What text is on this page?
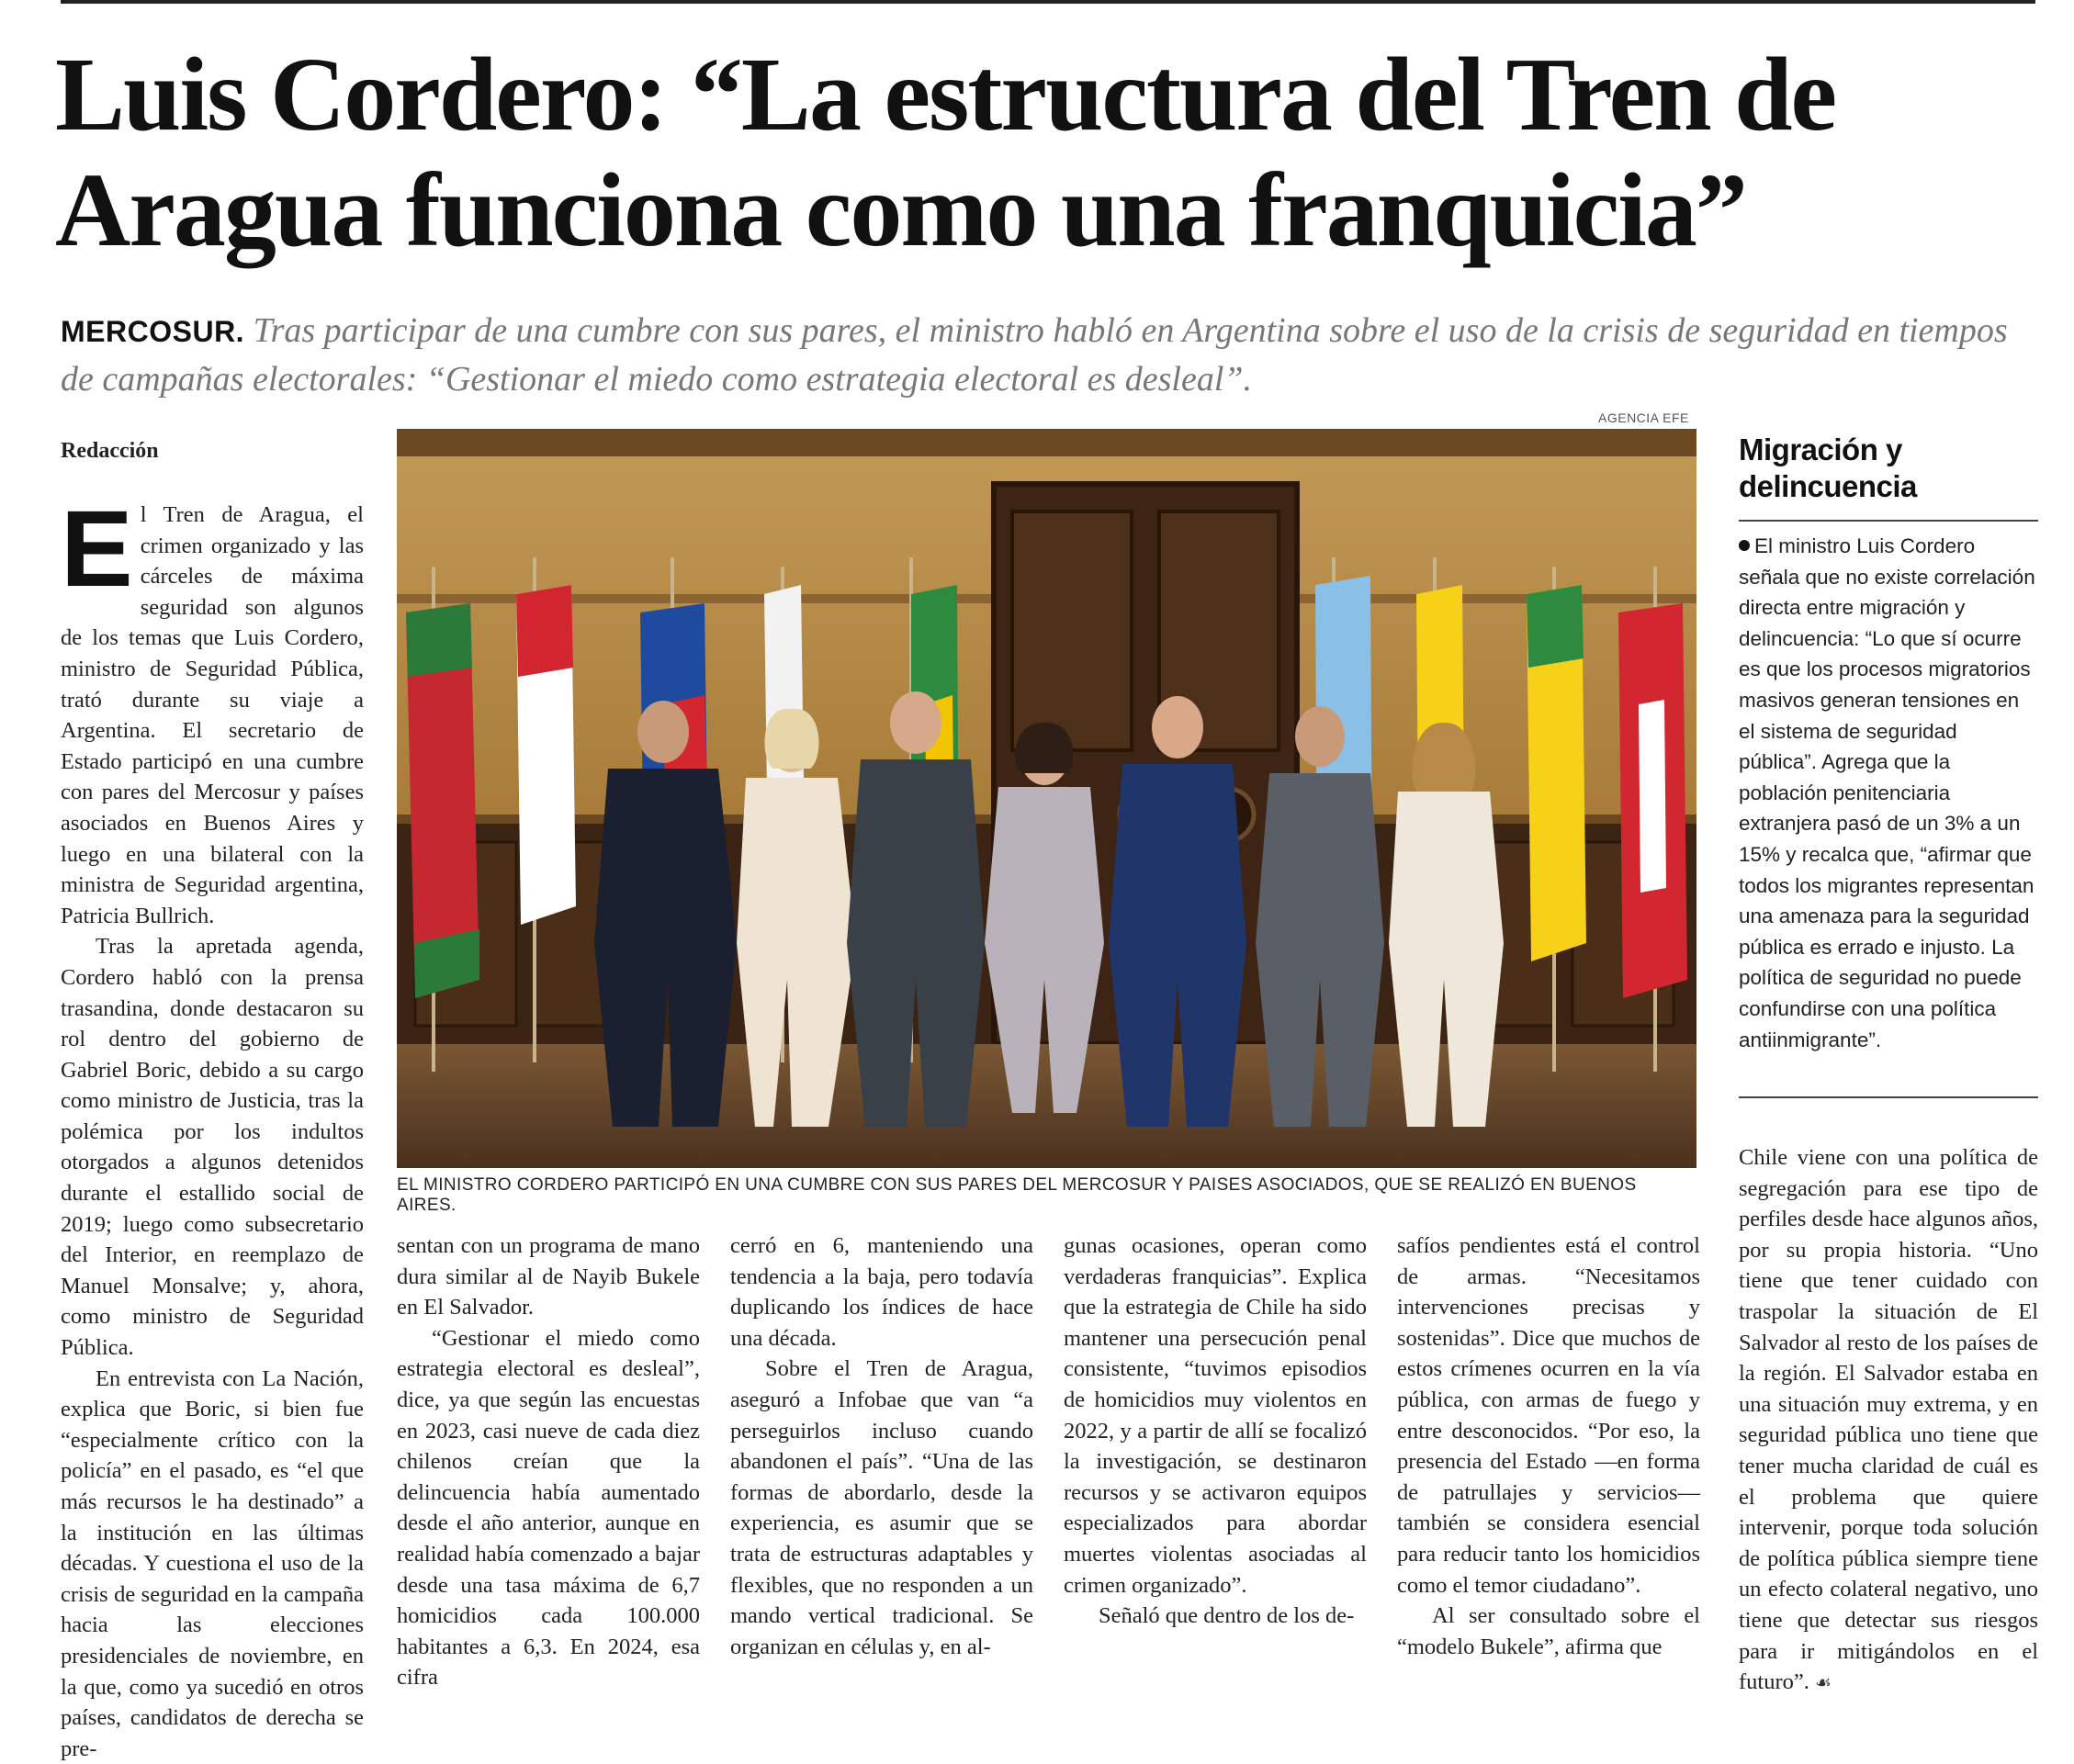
Luis Cordero: “La estructura del Tren de Aragua funciona como una franquicia”

MERCOSUR. Tras participar de una cumbre con sus pares, el ministro habló en Argentina sobre el uso de la crisis de seguridad en tiempos de campañas electorales: “Gestionar el miedo como estrategia electoral es desleal”.

Redacción

El Tren de Aragua, el crimen organizado y las cárceles de máxima seguridad son algunos de los temas que Luis Cordero, ministro de Seguridad Pública, trató durante su viaje a Argentina. El secretario de Estado participó en una cumbre con pares del Mercosur y países asociados en Buenos Aires y luego en una bilateral con la ministra de Seguridad argentina, Patricia Bullrich.

Tras la apretada agenda, Cordero habló con la prensa trasandina, donde destacaron su rol dentro del gobierno de Gabriel Boric, debido a su cargo como ministro de Justicia, tras la polémica por los indultos otorgados a algunos detenidos durante el estallido social de 2019; luego como subsecretario del Interior, en reemplazo de Manuel Monsalve; y, ahora, como ministro de Seguridad Pública.

En entrevista con La Nación, explica que Boric, si bien fue “especialmente crítico con la policía” en el pasado, es “el que más recursos le ha destinado” a la institución en las últimas décadas. Y cuestiona el uso de la crisis de seguridad en la campaña hacia las elecciones presidenciales de noviembre, en la que, como ya sucedió en otros países, candidatos de derecha se pre-

AGENCIA EFE
EL MINISTRO CORDERO PARTICIPÓ EN UNA CUMBRE CON SUS PARES DEL MERCOSUR Y PAISES ASOCIADOS, QUE SE REALIZÓ EN BUENOS AIRES.
Migración y delincuencia

El ministro Luis Cordero señala que no existe correlación directa entre migración y delincuencia: “Lo que sí ocurre es que los procesos migratorios masivos generan tensiones en el sistema de seguridad pública”. Agrega que la población penitenciaria extranjera pasó de un 3% a un 15% y recalca que, “afirmar que todos los migrantes representan una amenaza para la seguridad pública es errado e injusto. La política de seguridad no puede confundirse con una política antiinmigrante”.

sentan con un programa de mano dura similar al de Nayib Bukele en El Salvador.

“Gestionar el miedo como estrategia electoral es desleal”, dice, ya que según las encuestas en 2023, casi nueve de cada diez chilenos creían que la delincuencia había aumentado desde el año anterior, aunque en realidad había comenzado a bajar desde una tasa máxima de 6,7 homicidios cada 100.000 habitantes a 6,3. En 2024, esa cifra

cerró en 6, manteniendo una tendencia a la baja, pero todavía duplicando los índices de hace una década.

Sobre el Tren de Aragua, aseguró a Infobae que van “a perseguirlos incluso cuando abandonen el país”. “Una de las formas de abordarlo, desde la experiencia, es asumir que se trata de estructuras adaptables y flexibles, que no responden a un mando vertical tradicional. Se organizan en células y, en al-

gunas ocasiones, operan como verdaderas franquicias”. Explica que la estrategia de Chile ha sido mantener una persecución penal consistente, “tuvimos episodios de homicidios muy violentos en 2022, y a partir de allí se focalizó la investigación, se destinaron recursos y se activaron equipos especializados para abordar muertes violentas asociadas al crimen organizado”.

Señaló que dentro de los de-

safíos pendientes está el control de armas. “Necesitamos intervenciones precisas y sostenidas”. Dice que muchos de estos crímenes ocurren en la vía pública, con armas de fuego y entre desconocidos. “Por eso, la presencia del Estado —en forma de patrullajes y servicios— también se considera esencial para reducir tanto los homicidios como el temor ciudadano”.

Al ser consultado sobre el “modelo Bukele”, afirma que

Chile viene con una política de segregación para ese tipo de perfiles desde hace algunos años, por su propia historia. “Uno tiene que tener cuidado con traspolar la situación de El Salvador al resto de los países de la región. El Salvador estaba en una situación muy extrema, y en seguridad pública uno tiene que tener mucha claridad de cuál es el problema que quiere intervenir, porque toda solución de política pública siempre tiene un efecto colateral negativo, uno tiene que detectar sus riesgos para ir mitigándolos en el futuro”. ☙
